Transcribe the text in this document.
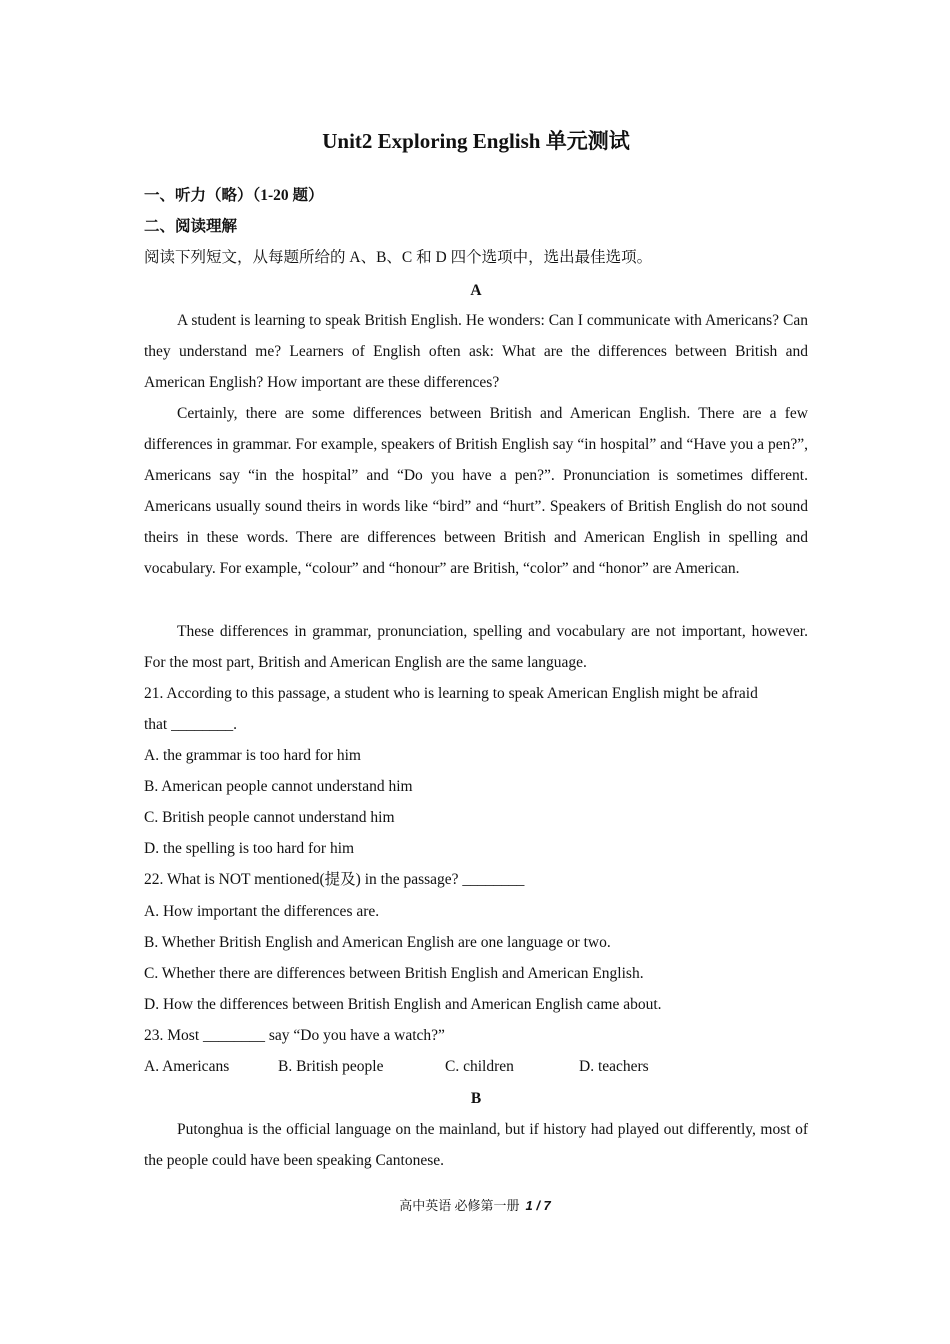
Unit2 Exploring English 单元测试
一、听力（略）（1-20 题）
二、阅读理解
阅读下列短文，从每题所给的 A、B、C 和 D 四个选项中，选出最佳选项。
A
A student is learning to speak British English. He wonders: Can I communicate with Americans? Can they understand me? Learners of English often ask: What are the differences between British and American English? How important are these differences?
Certainly, there are some differences between British and American English. There are a few differences in grammar. For example, speakers of British English say “in hospital” and “Have you a pen?”, Americans say “in the hospital” and “Do you have a pen?”. Pronunciation is sometimes different. Americans usually sound theirs in words like “bird” and “hurt”. Speakers of British English do not sound theirs in these words. There are differences between British and American English in spelling and vocabulary. For example, “colour” and “honour” are British, “color” and “honor” are American.
These differences in grammar, pronunciation, spelling and vocabulary are not important, however. For the most part, British and American English are the same language.
21. According to this passage, a student who is learning to speak American English might be afraid
that ________.
A. the grammar is too hard for him
B. American people cannot understand him
C. British people cannot understand him
D. the spelling is too hard for him
22. What is NOT mentioned(提及) in the passage? ________
A. How important the differences are.
B. Whether British English and American English are one language or two.
C. Whether there are differences between British English and American English.
D. How the differences between British English and American English came about.
23. Most ________ say “Do you have a watch?”
A. Americans	B. British people	C. children	D. teachers
B
Putonghua is the official language on the mainland, but if history had played out differently, most of the people could have been speaking Cantonese.
高中英语 必修第一册 1 / 7
